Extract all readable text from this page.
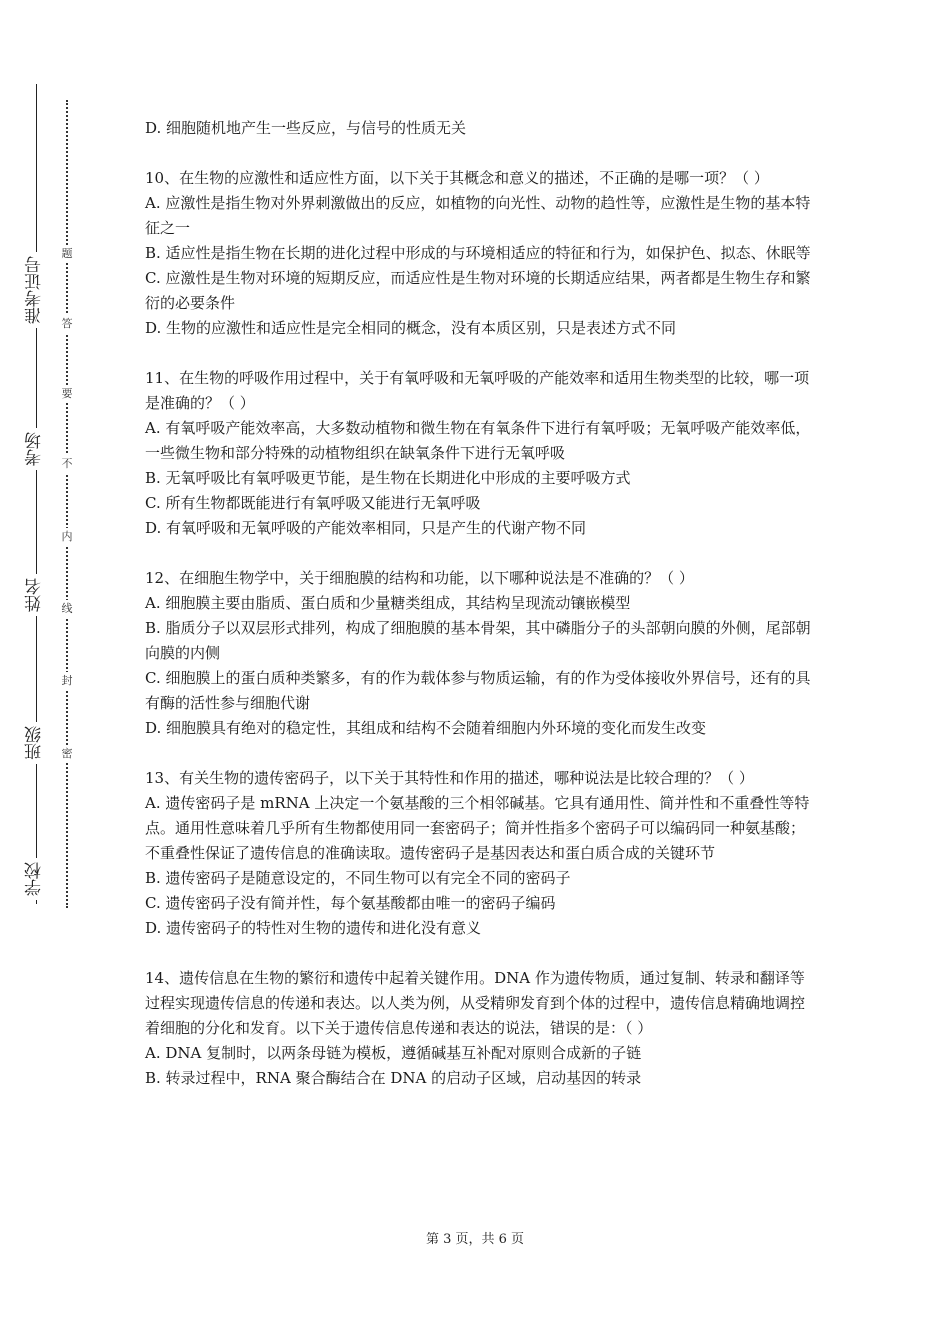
准考证号
考场
姓名
班级
学校
题
答
要
不
内
线
封
密

D. 细胞随机地产生一些反应，与信号的性质无关

10、在生物的应激性和适应性方面，以下关于其概念和意义的描述，不正确的是哪一项？（ ）

A. 应激性是指生物对外界刺激做出的反应，如植物的向光性、动物的趋性等，应激性是生物的基本特征之一

B. 适应性是指生物在长期的进化过程中形成的与环境相适应的特征和行为，如保护色、拟态、休眠等

C. 应激性是生物对环境的短期反应，而适应性是生物对环境的长期适应结果，两者都是生物生存和繁衍的必要条件

D. 生物的应激性和适应性是完全相同的概念，没有本质区别，只是表述方式不同

11、在生物的呼吸作用过程中，关于有氧呼吸和无氧呼吸的产能效率和适用生物类型的比较，哪一项是准确的？（ ）

A. 有氧呼吸产能效率高，大多数动植物和微生物在有氧条件下进行有氧呼吸；无氧呼吸产能效率低，一些微生物和部分特殊的动植物组织在缺氧条件下进行无氧呼吸

B. 无氧呼吸比有氧呼吸更节能，是生物在长期进化中形成的主要呼吸方式

C. 所有生物都既能进行有氧呼吸又能进行无氧呼吸

D. 有氧呼吸和无氧呼吸的产能效率相同，只是产生的代谢产物不同

12、在细胞生物学中，关于细胞膜的结构和功能，以下哪种说法是不准确的？（ ）

A. 细胞膜主要由脂质、蛋白质和少量糖类组成，其结构呈现流动镶嵌模型

B. 脂质分子以双层形式排列，构成了细胞膜的基本骨架，其中磷脂分子的头部朝向膜的外侧，尾部朝向膜的内侧

C. 细胞膜上的蛋白质种类繁多，有的作为载体参与物质运输，有的作为受体接收外界信号，还有的具有酶的活性参与细胞代谢

D. 细胞膜具有绝对的稳定性，其组成和结构不会随着细胞内外环境的变化而发生改变

13、有关生物的遗传密码子，以下关于其特性和作用的描述，哪种说法是比较合理的？（ ）

A. 遗传密码子是 mRNA 上决定一个氨基酸的三个相邻碱基。它具有通用性、简并性和不重叠性等特点。通用性意味着几乎所有生物都使用同一套密码子；简并性指多个密码子可以编码同一种氨基酸；不重叠性保证了遗传信息的准确读取。遗传密码子是基因表达和蛋白质合成的关键环节

B. 遗传密码子是随意设定的，不同生物可以有完全不同的密码子

C. 遗传密码子没有简并性，每个氨基酸都由唯一的密码子编码

D. 遗传密码子的特性对生物的遗传和进化没有意义

14、遗传信息在生物的繁衍和遗传中起着关键作用。DNA 作为遗传物质，通过复制、转录和翻译等过程实现遗传信息的传递和表达。以人类为例，从受精卵发育到个体的过程中，遗传信息精确地调控着细胞的分化和发育。以下关于遗传信息传递和表达的说法，错误的是：（ ）

A. DNA 复制时，以两条母链为模板，遵循碱基互补配对原则合成新的子链

B. 转录过程中，RNA 聚合酶结合在 DNA 的启动子区域，启动基因的转录

第 3 页，共 6 页
